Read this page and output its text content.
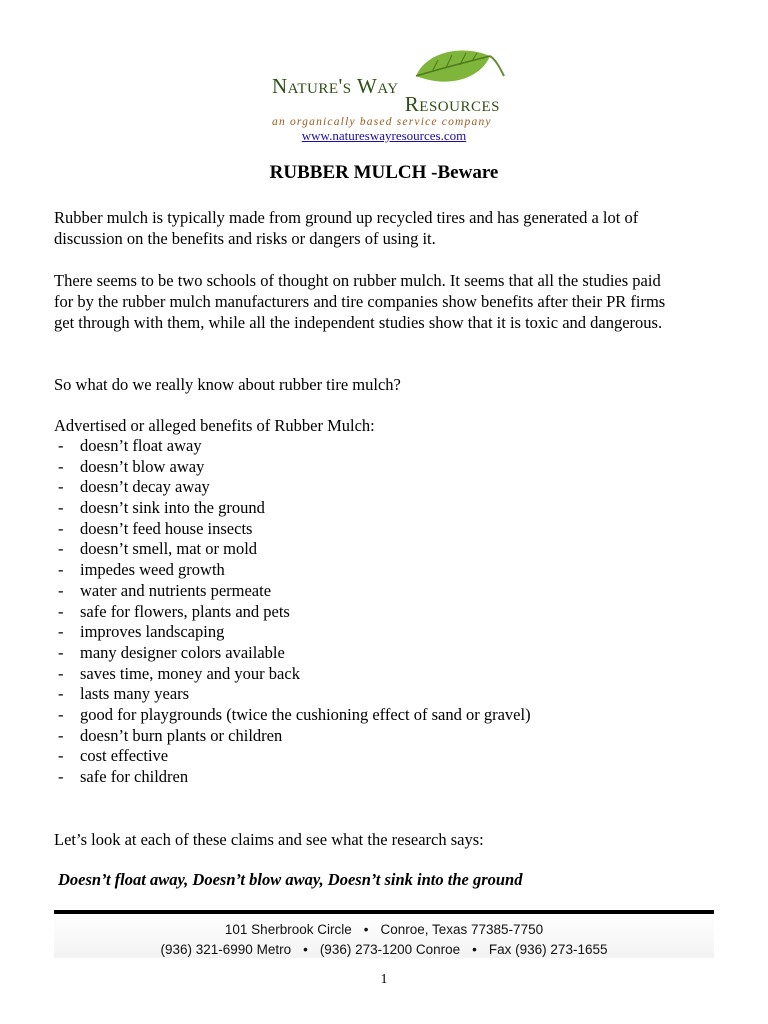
Nature's Way
Resources
an organically based service company
www.natureswayresources.com
RUBBER MULCH -Beware
Rubber mulch is typically made from ground up recycled tires and has generated a lot of
discussion on the benefits and risks or dangers of using it.
There seems to be two schools of thought on rubber mulch. It seems that all the studies paid
for by the rubber mulch manufacturers and tire companies show benefits after their PR firms
get through with them, while all the independent studies show that it is toxic and dangerous.
So what do we really know about rubber tire mulch?
Advertised or alleged benefits of Rubber Mulch:
- doesn’t float away
- doesn’t blow away
- doesn’t decay away
- doesn’t sink into the ground
- doesn’t feed house insects
- doesn’t smell, mat or mold
- impedes weed growth
- water and nutrients permeate
- safe for flowers, plants and pets
- improves landscaping
- many designer colors available
- saves time, money and your back
- lasts many years
- good for playgrounds (twice the cushioning effect of sand or gravel)
- doesn’t burn plants or children
- cost effective
- safe for children
Let’s look at each of these claims and see what the research says:
Doesn’t float away, Doesn’t blow away, Doesn’t sink into the ground
101 Sherbrook Circle • Conroe, Texas 77385-7750
(936) 321-6990 Metro • (936) 273-1200 Conroe • Fax (936) 273-1655
1
